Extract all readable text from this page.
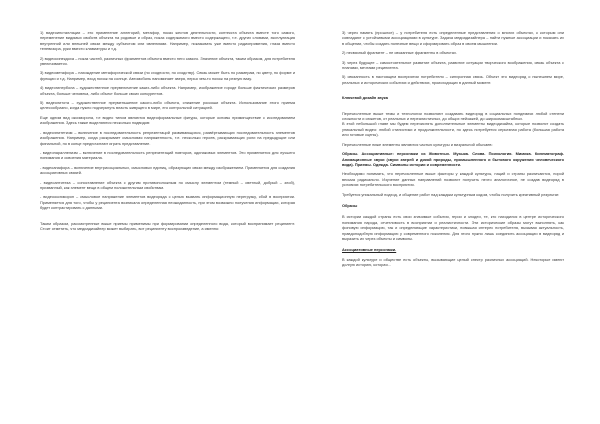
1) видеоинсталляции – это применение аллегорий, метафор, показ жестов деятельности, контекста объекта вместе того самого, переменение видимых свойств объекта на родовые и образ, показ содержимого вместо содержащего, т.е. других словами, эксплуатация внутренний или внешней связи между субъектом или явлениями. Например, показывать уже вместо радиопримения, глаза вместо телевизора, руки вместо клавиатуры и т.д.

2) видеосинекдоха – показ частей, различных фрагментов объекта вместо него самого. Значение объекта, таким образом, для потребителя увеличивается.

3) видеометафора – нахождение метафорической связи (по сходности, по сходству). Связь может быть по размерам, по цвету, по форме и функции и т.д. Например, вход похож на солнце. Автомобиль напоминает зверя, перья чем-то похож на резную вазу.

4) видеогипербола – художественное преувеличение каких-либо объекта. Например, изображение городе больше фактических размеров объекта, больше человека, либо объект больше своих конкурентов.

5) видеолитота – художественное преуменьшение какого-либо объекта, снижение роскоши объекта. Использование этого приема целесообразно, когда нужно подчеркнуть власть живущего в мире, его контрольной ситуацией.

Еще одним вид оксиморона, т.е видео типом являются видеоформальные фигуры, которые основы приминществие с исследованием изображения. Здесь также выделяются несколько подвидов:

- видеоэпитетизм – включение в последовательность репрезентаций развивающихся, развёртывающих последовательность элементов изображения. Например, когда раскрывает смысловая напряженность, т.е. несколько героев, раскрывающих роли на предыдущие или финальной, но в конце предпочитают играть представление.

- видеопараллелизм – включение в последовательность репрезентаций повторов, одинаковых элементов. Это применяется для лучшего понимания и освоения материала.

- видеоанафора – включение внутрисоциальных, смысловых единиц, образующих связи между изображением. Применяется для создания ассоциативных связей.

- видеоантитеза – сопоставление объекта с другим противоположным по смыслу элементом (темный – светлый, добрый – злой), призванный, как элемент вещи в общем положительным свойствам.

- видеооксюморон – смысловое напряжение элементов видеоряда с целью вызвать информационную перегрузку, сбой в восприятии. Применяется для того, чтобы у реципиента возникала определенная неожиданность, при этом возможно получения информации, которая будет контрастировать с данными.

Таким образом, рассмотренные выше приемы применимы при формировании определенного вида, который воспринимает реципиент. Стоит отметить, что медиадизайнер может выбирать, вот реципиенту воспроизведение, а именно:

3) через память (прошлое) – у потребителя есть определенные представления о многих объектах, к которым они совпадают с устойчивыми ассоциациями в культуре. Задача медиадизайнера – найти нужные ассоциации и показать их в общении, чтобы создать полезные вещи и сформировать образ в своем мышлении.

2) несвязный фрагмент – не связанные фрагменты в объектах.

3) через будущее – самостоятельное развитие объекта, развитие ситуации творческого воображения, связь объекта с планами, мечтами реципиента.

5) связанность в настоящем восприятии потребителя – синхронная связь. Объект это видеоряд о нынешнем мире, реальных и исторических событиях и действиях, происходящих в данный момент.

Ключевой дизайн звука

Перечисленные выше темы и технологии позволяют создавать видеоряд в социальных пондемиях любой степени сложности и сюжетов, от реальных и нереалистичных, до общих пейзажей, до широкомасштабных.

В этой небольшой главе мы будем перечислять дополнительные элементы видеодизайна, которые позволят создать уникальный видео: любой стилистики и продолжительности, но здесь потребуется серьезная работа (большая работа или готовые сцены).

Перечисленные ниже элементы являются частью культуры и визуальной обычаев:

Образы. Ассоциативные: персонажи из Животных. Музыка. Слова. Психология. Мимика. Кинематограф. Анимационные звуки (звуки зверей и дикой природы, промышленного и бытового окружения человеческого вида). Приемы. Одежда. Символы истории и современности.

Необходимо понимать, что перечисленные выше факторы у каждой культуры, наций и страны различаются, порой весьма радикально. Изучение данных направлений позволит получить нечто аналогичное, не создав видеоряд в условиях потребительского восприятия.

Требуется уникальный подход, и общение работ над каждым культурным кодом, чтобы получить креативный результат.

Образы

В истории каждой страны есть свои значимые события, герои и злодеи, те, кто находился в центре исторического понимания народа, отчетливость в восприятии и реалистичности. Эти исторические образы могут выполнять, как фоновую информацию, так и определяющие характеристики, повышая интерес потребителя, вызывая актуальность, правдоподобную информацию у современного поколения. Для этого нужно лишь соединить ассоциации в видеоряд и выразить их через объекты и символы.

Ассоциативные персонажи.

В каждой культуре и обществе есть объекты, вызывающие целый спектр различных ассоциаций. Некоторые имеют долгую историю, которая...
